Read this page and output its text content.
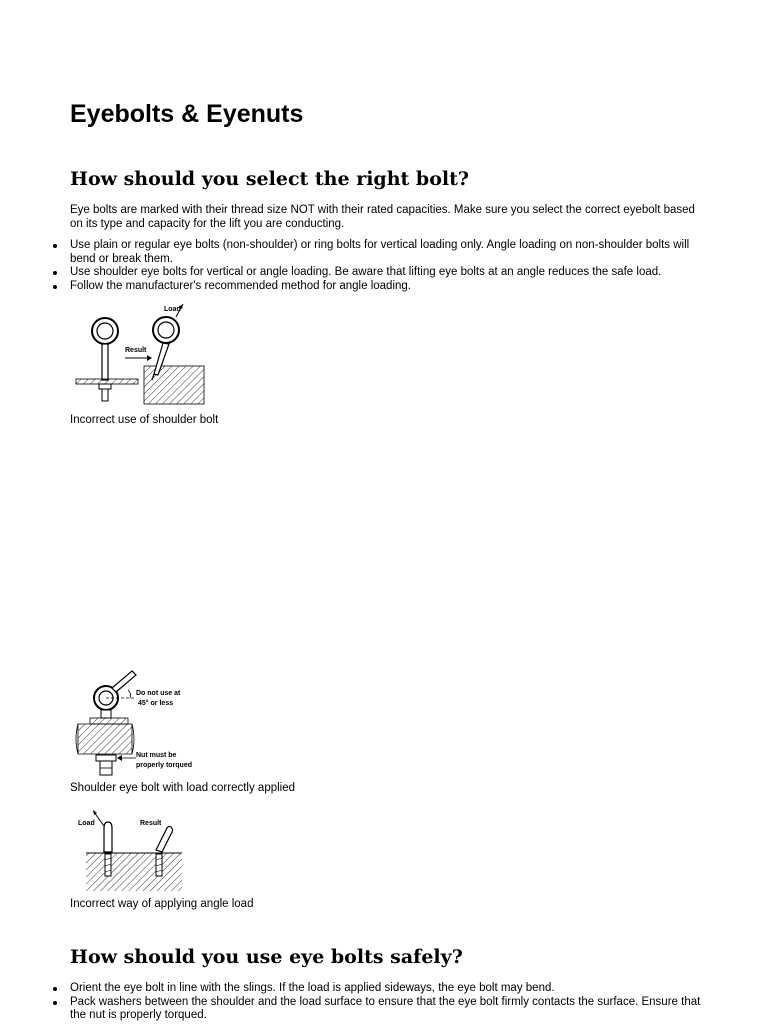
Eyebolts & Eyenuts
How should you select the right bolt?

Eye bolts are marked with their thread size NOT with their rated capacities. Make sure you select the correct eyebolt based on its type and capacity for the lift you are conducting.

Use plain or regular eye bolts (non-shoulder) or ring bolts for vertical loading only. Angle loading on non-shoulder bolts will bend or break them.
Use shoulder eye bolts for vertical or angle loading. Be aware that lifting eye bolts at an angle reduces the safe load.
Follow the manufacturer's recommended method for angle loading.
Load
Result

Incorrect use of shoulder bolt

Do not use at
45° or less
Nut must be
properly torqued

Shoulder eye bolt with load correctly applied

Load	Result

Incorrect way of applying angle load

How should you use eye bolts safely?
Orient the eye bolt in line with the slings. If the load is applied sideways, the eye bolt may bend.
Pack washers between the shoulder and the load surface to ensure that the eye bolt firmly contacts the surface. Ensure that the nut is properly torqued.
